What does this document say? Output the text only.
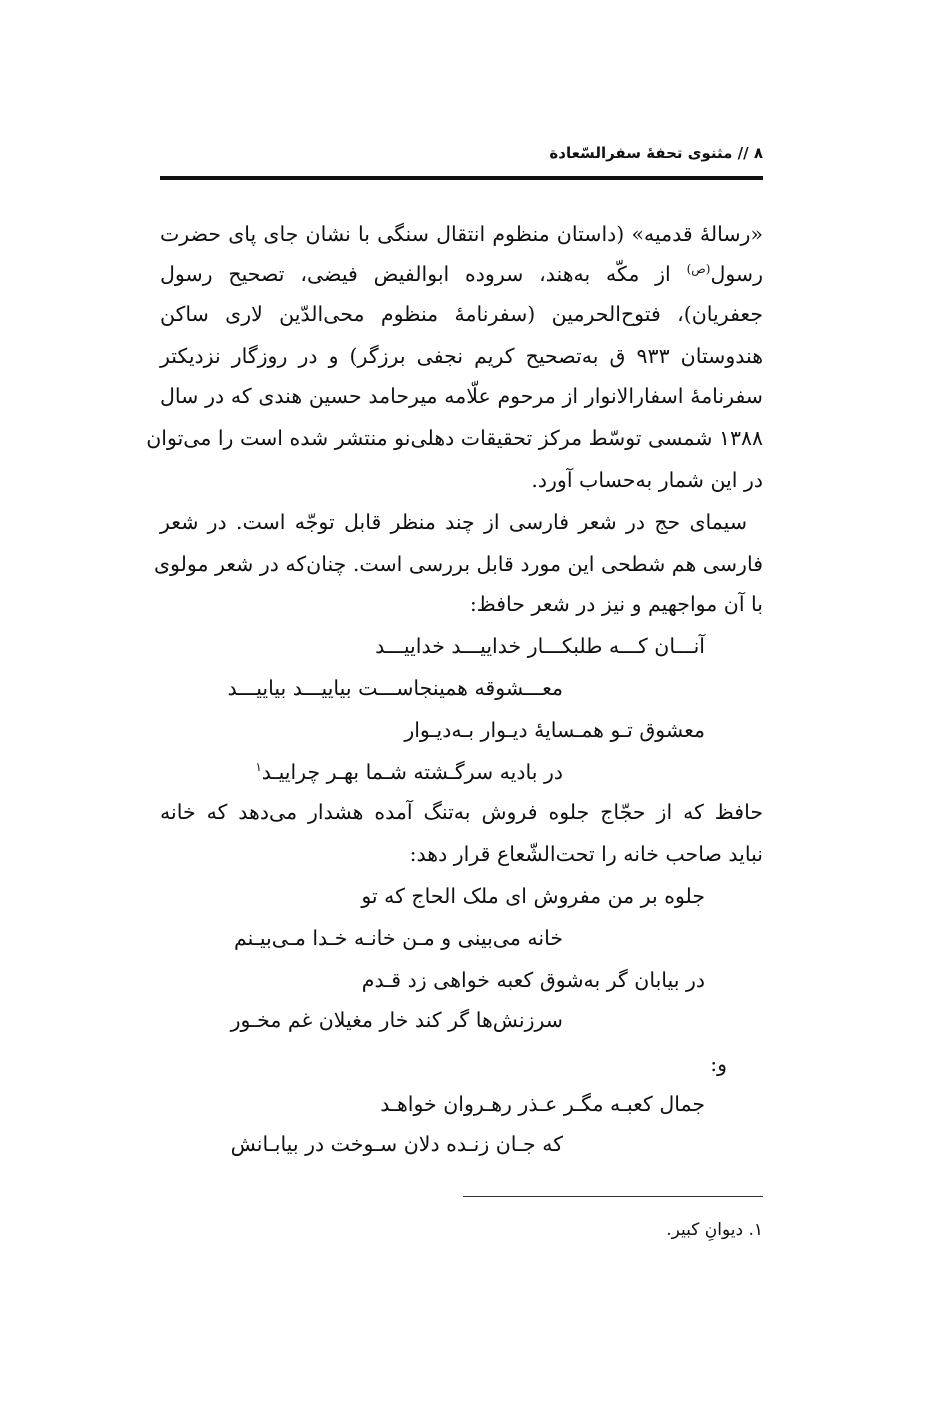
٨ // مثنوی تحفهٔ سفرالسّعادة
«رسالهٔ قدمیه» (داستان منظوم انتقال سنگی با نشان جای پای حضرت
رسول$^{(ص)}$ از مکّه به‌هند، سروده ابوالفیض فیضی، تصحیح رسول
جعفریان)، فتوح‌الحرمین (سفرنامهٔ منظوم محی‌الدّین لاری ساکن
هندوستان ۹۳۳ ق به‌تصحیح کریم نجفی برزگر) و در روزگار نزدیکتر
سفرنامهٔ اسفارالانوار از مرحوم علّامه میرحامد حسین هندی که در سال
۱۳۸۸ شمسی توسّط مرکز تحقیقات دهلی‌نو منتشر شده است را می‌توان
در این شمار به‌حساب آورد.
سیمای حج در شعر فارسی از چند منظر قابل توجّه است. در شعر
فارسی هم شطحی این مورد قابل بررسی است. چنان‌که در شعر مولوی
با آن مواجهیم و نیز در شعر حافظ:
آنـــان کـــه طلبکـــار خداییـــد خداییـــد
معـــشوقه همینجاســـت بیاییـــد بیاییـــد
معشوق تـو همـسایهٔ دیـوار بـه‌دیـوار
در بادیه سرگـشته شـما بهـر چراییـد$^۱$
حافظ که از حجّاج جلوه فروش به‌تنگ آمده هشدار می‌دهد که خانه
نباید صاحب خانه را تحت‌الشّعاع قرار دهد:
جلوه بر من مفروش ای ملک الحاج که تو
خانه می‌بینی و مـن خانـه خـدا مـی‌بیـنم
در بیابان گر به‌شوق کعبه خواهی زد قـدم
سرزنش‌ها گر کند خار مغیلان غم مخـور
و:
جمال کعبـه مگـر عـذر رهـروان خواهـد
که جـان زنـده دلان سـوخت در بیابـانش
۱. دیوانِ کبیر.
